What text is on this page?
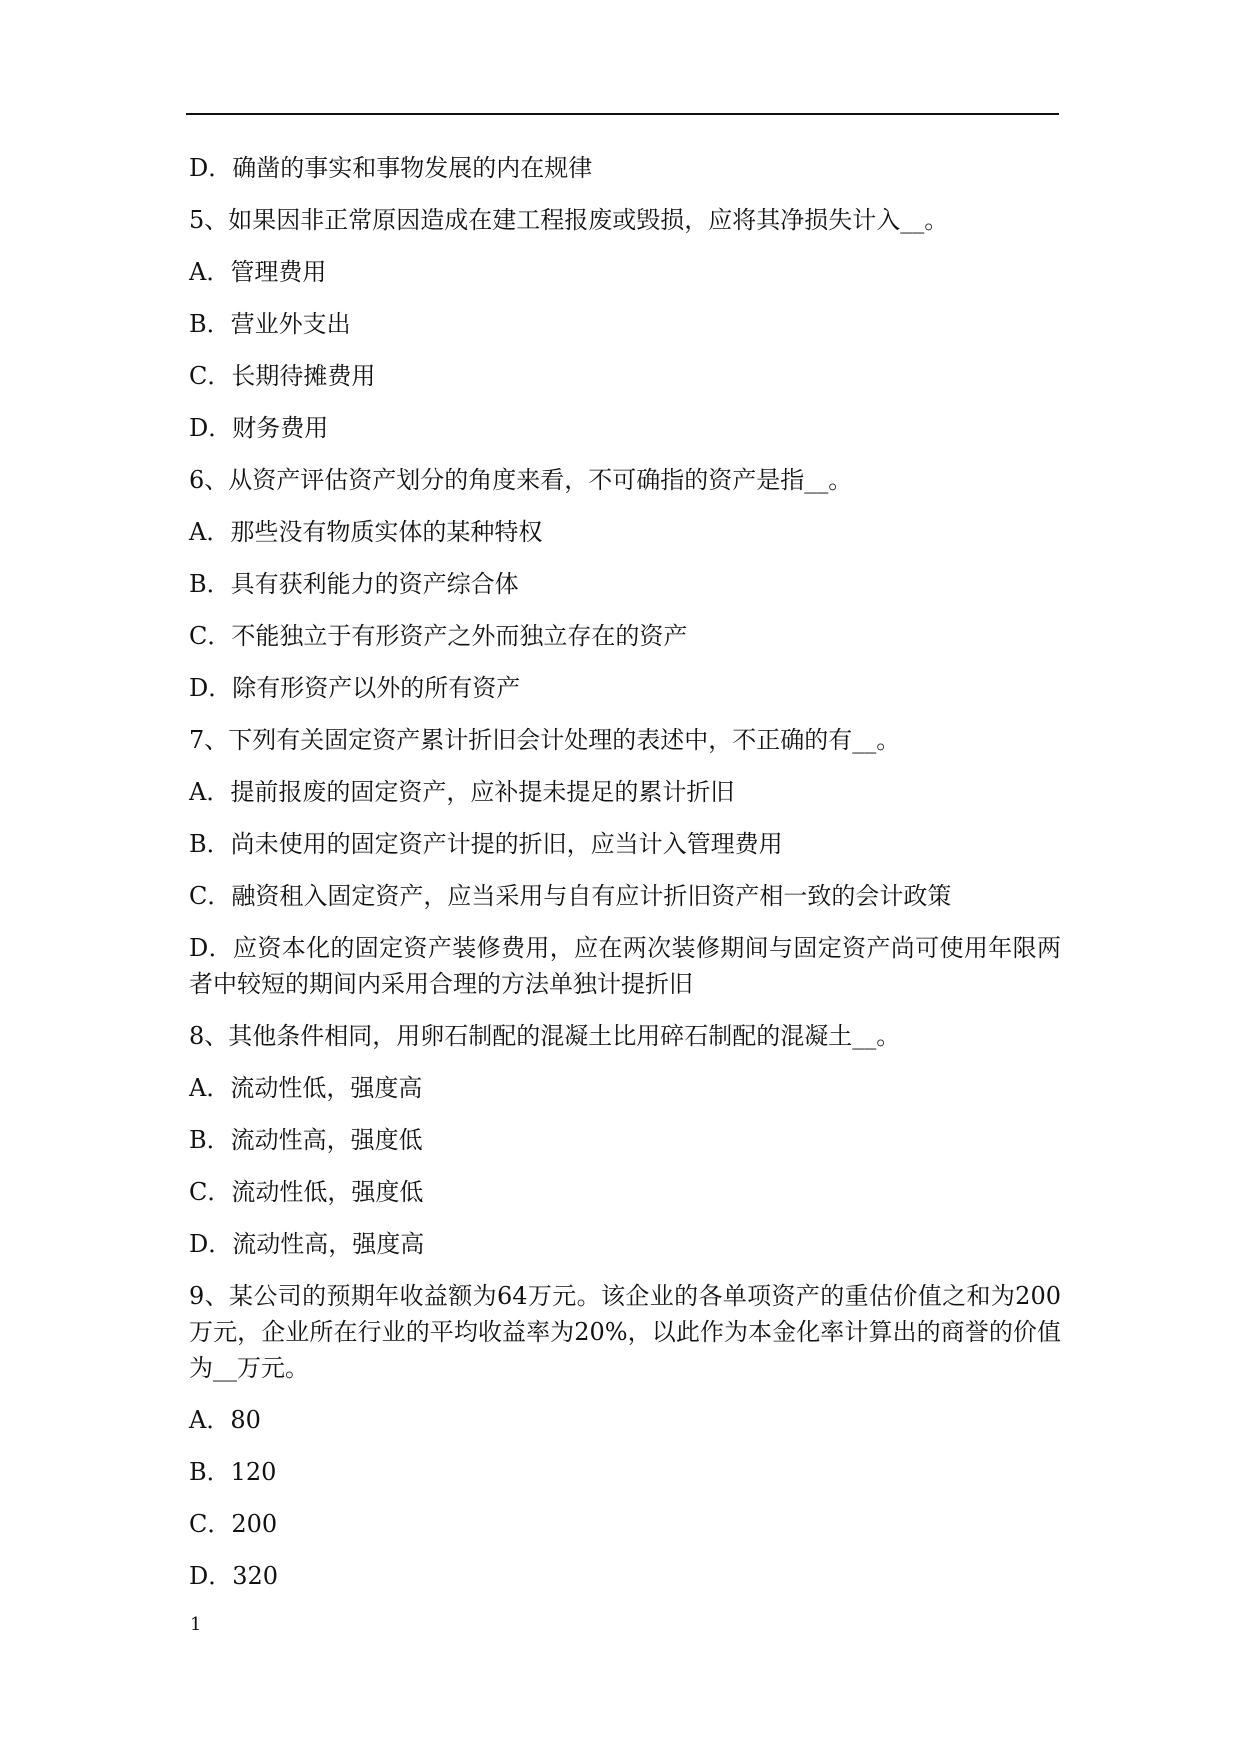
D．确凿的事实和事物发展的内在规律
5、如果因非正常原因造成在建工程报废或毁损，应将其净损失计入__。
A．管理费用
B．营业外支出
C．长期待摊费用
D．财务费用
6、从资产评估资产划分的角度来看，不可确指的资产是指__。
A．那些没有物质实体的某种特权
B．具有获利能力的资产综合体
C．不能独立于有形资产之外而独立存在的资产
D．除有形资产以外的所有资产
7、下列有关固定资产累计折旧会计处理的表述中，不正确的有__。
A．提前报废的固定资产，应补提未提足的累计折旧
B．尚未使用的固定资产计提的折旧，应当计入管理费用
C．融资租入固定资产，应当采用与自有应计折旧资产相一致的会计政策
D．应资本化的固定资产装修费用，应在两次装修期间与固定资产尚可使用年限两者中较短的期间内采用合理的方法单独计提折旧
8、其他条件相同，用卵石制配的混凝土比用碎石制配的混凝土__。
A．流动性低，强度高
B．流动性高，强度低
C．流动性低，强度低
D．流动性高，强度高
9、某公司的预期年收益额为64万元。该企业的各单项资产的重估价值之和为200万元，企业所在行业的平均收益率为20%，以此作为本金化率计算出的商誉的价值为__万元。
A．80
B．120
C．200
D．320
1
